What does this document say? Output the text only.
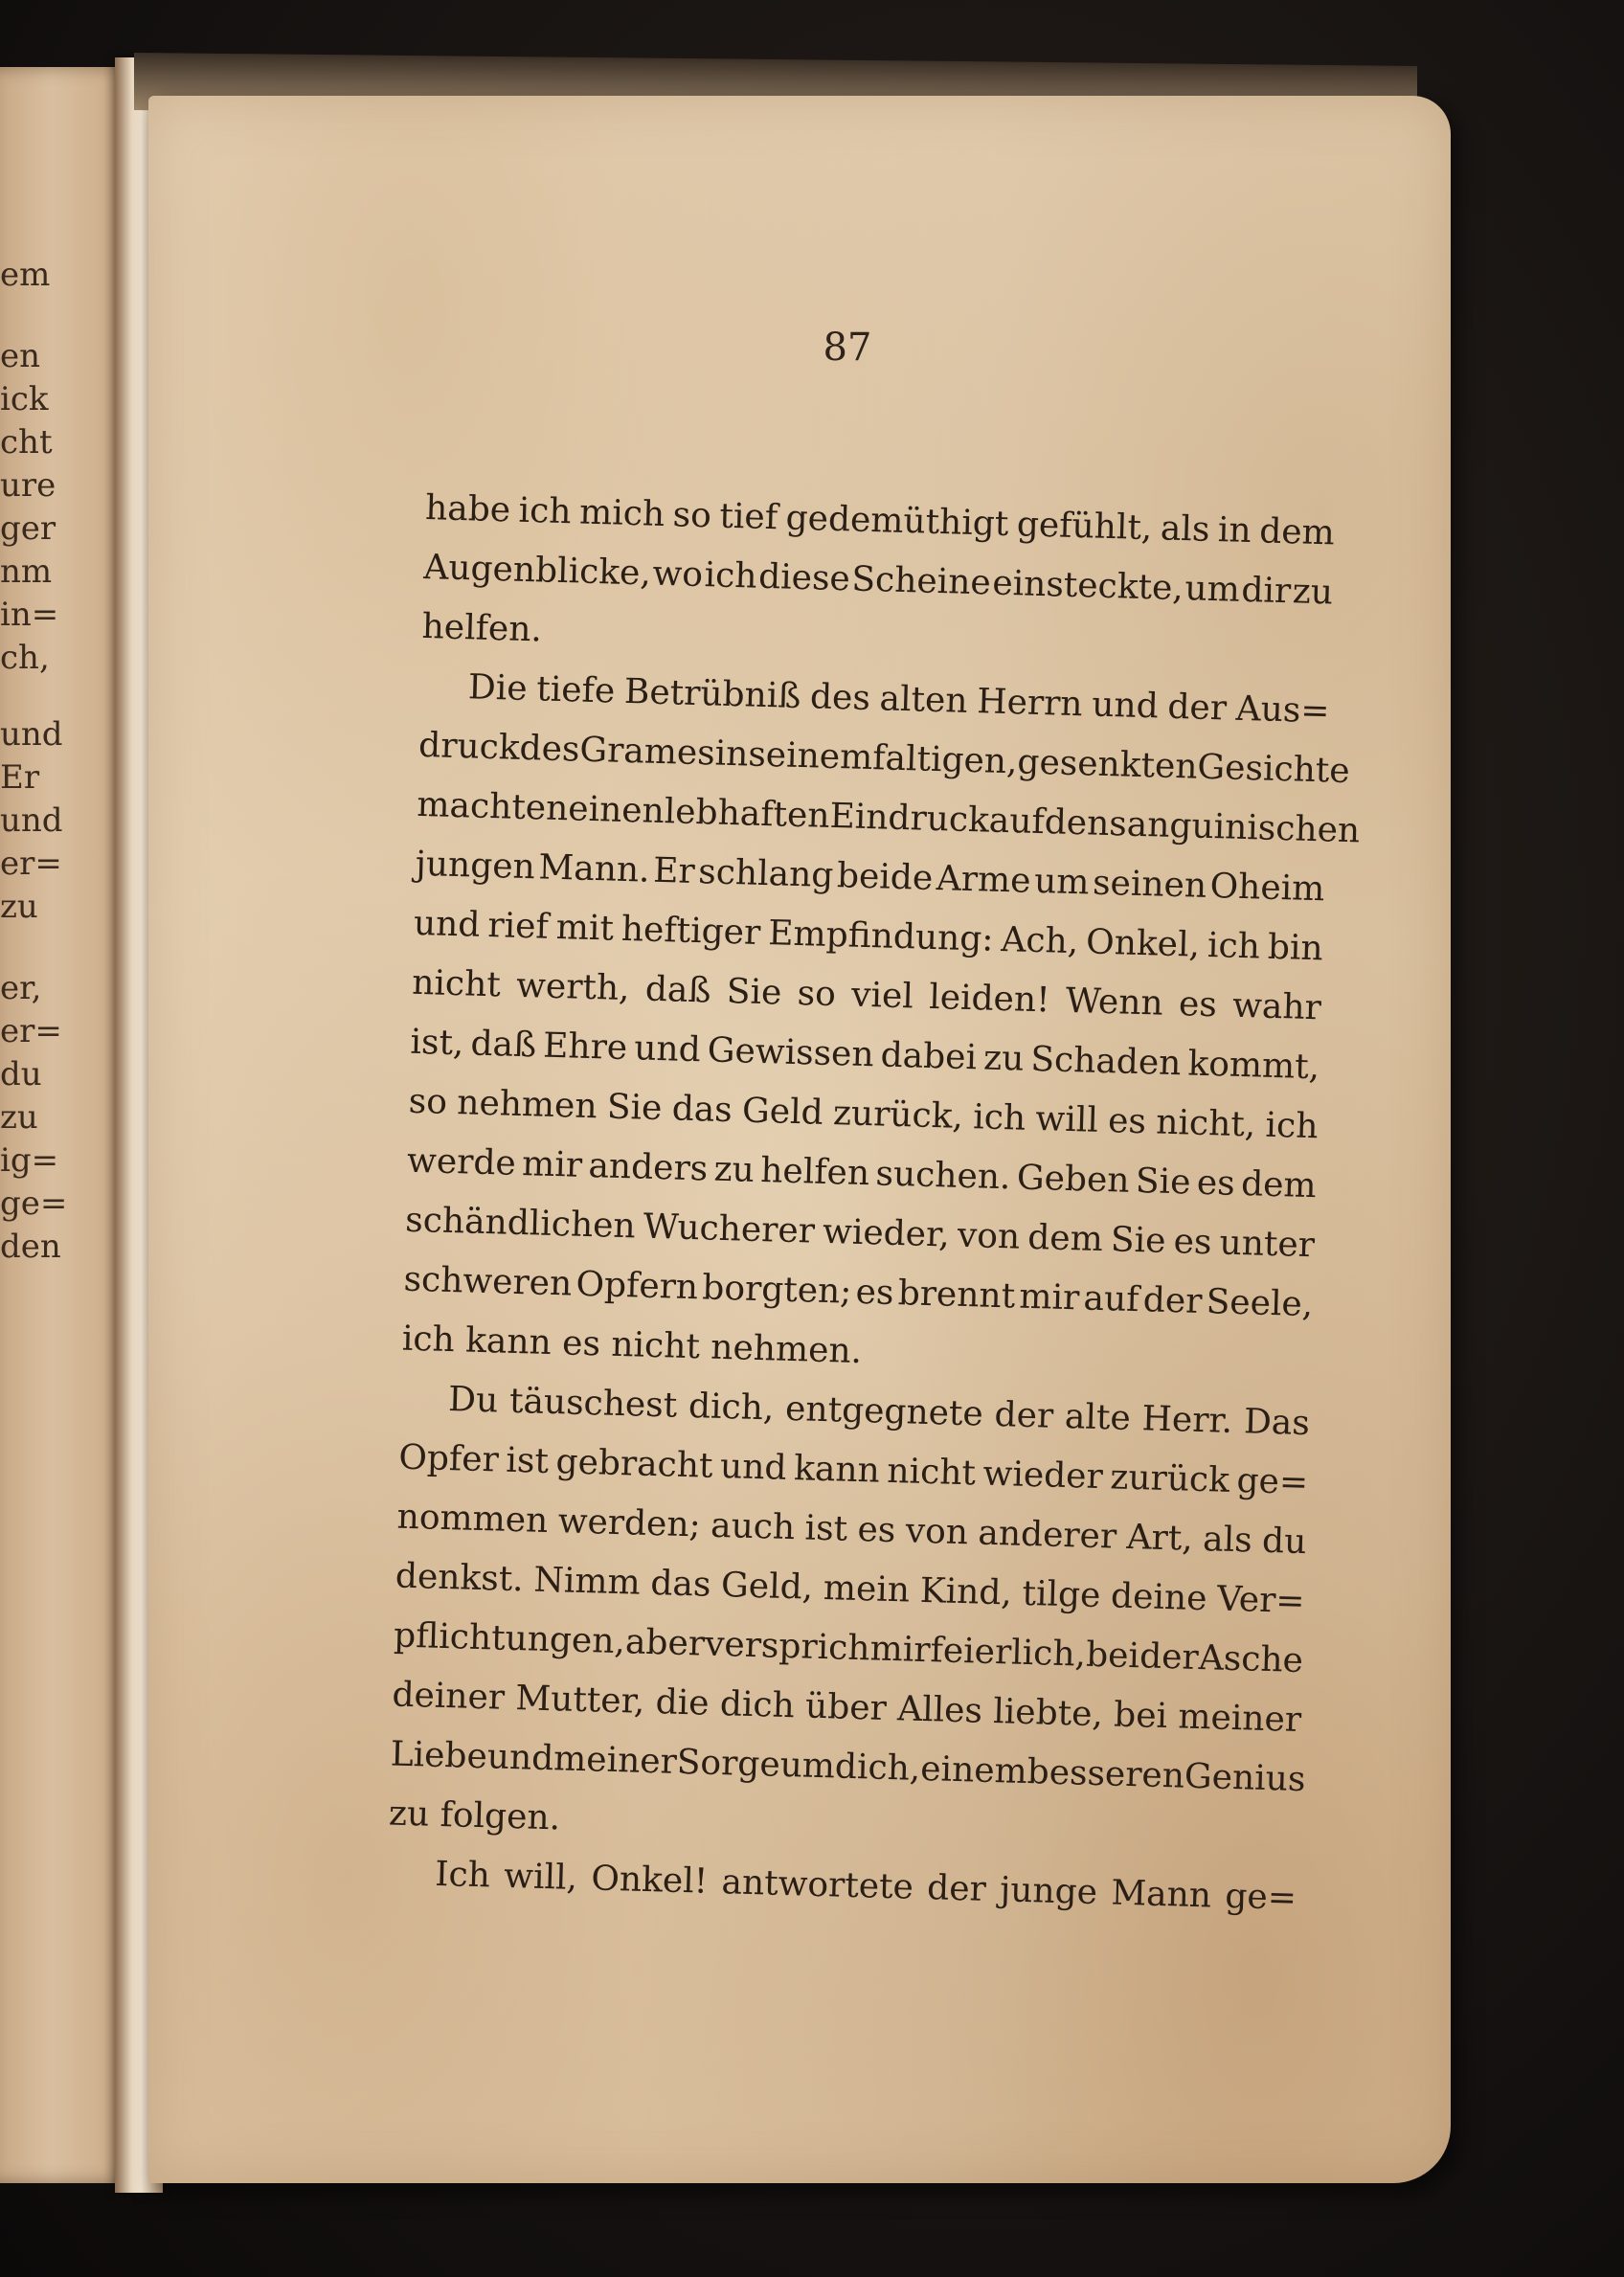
em
en
ick
cht
ure
ger
nm
in=
ch,
und
Er
und
er=
zu
er,
er=
du
zu
ig=
ge=
den
87
habe ich mich so tief gedemüthigt gefühlt, als in dem
Augenblicke, wo ich diese Scheine einsteckte, um dir zu
helfen.
Die tiefe Betrübniß des alten Herrn und der Aus=
druck
des
Grames
in
seinem
faltigen,
gesenkten
Gesichte
machten
einen
lebhaften
Eindruck
auf
den
sanguinischen
jungen Mann. Er schlang beide Arme um seinen Oheim
und rief mit heftiger Empfindung: Ach, Onkel, ich bin
nicht werth, daß Sie so viel leiden! Wenn es wahr
ist, daß Ehre und Gewissen dabei zu Schaden kommt,
so nehmen Sie das Geld zurück, ich will es nicht, ich
werde mir anders zu helfen suchen. Geben Sie es dem
schändlichen Wucherer wieder, von dem Sie es unter
schweren Opfern borgten; es brennt mir auf der Seele,
ich kann es nicht nehmen.
Du täuschest dich, entgegnete der alte Herr. Das
Opfer ist gebracht und kann nicht wieder zurück ge=
nommen werden; auch ist es von anderer Art, als du
denkst. Nimm das Geld, mein Kind, tilge deine Ver=
pflichtungen,
aber
versprich
mir
feierlich,
bei
der
Asche
deiner Mutter, die dich über Alles liebte, bei meiner
Liebe
und
meiner
Sorge
um
dich,
einem
besseren
Genius
zu folgen.
Ich will, Onkel! antwortete der junge Mann ge=
